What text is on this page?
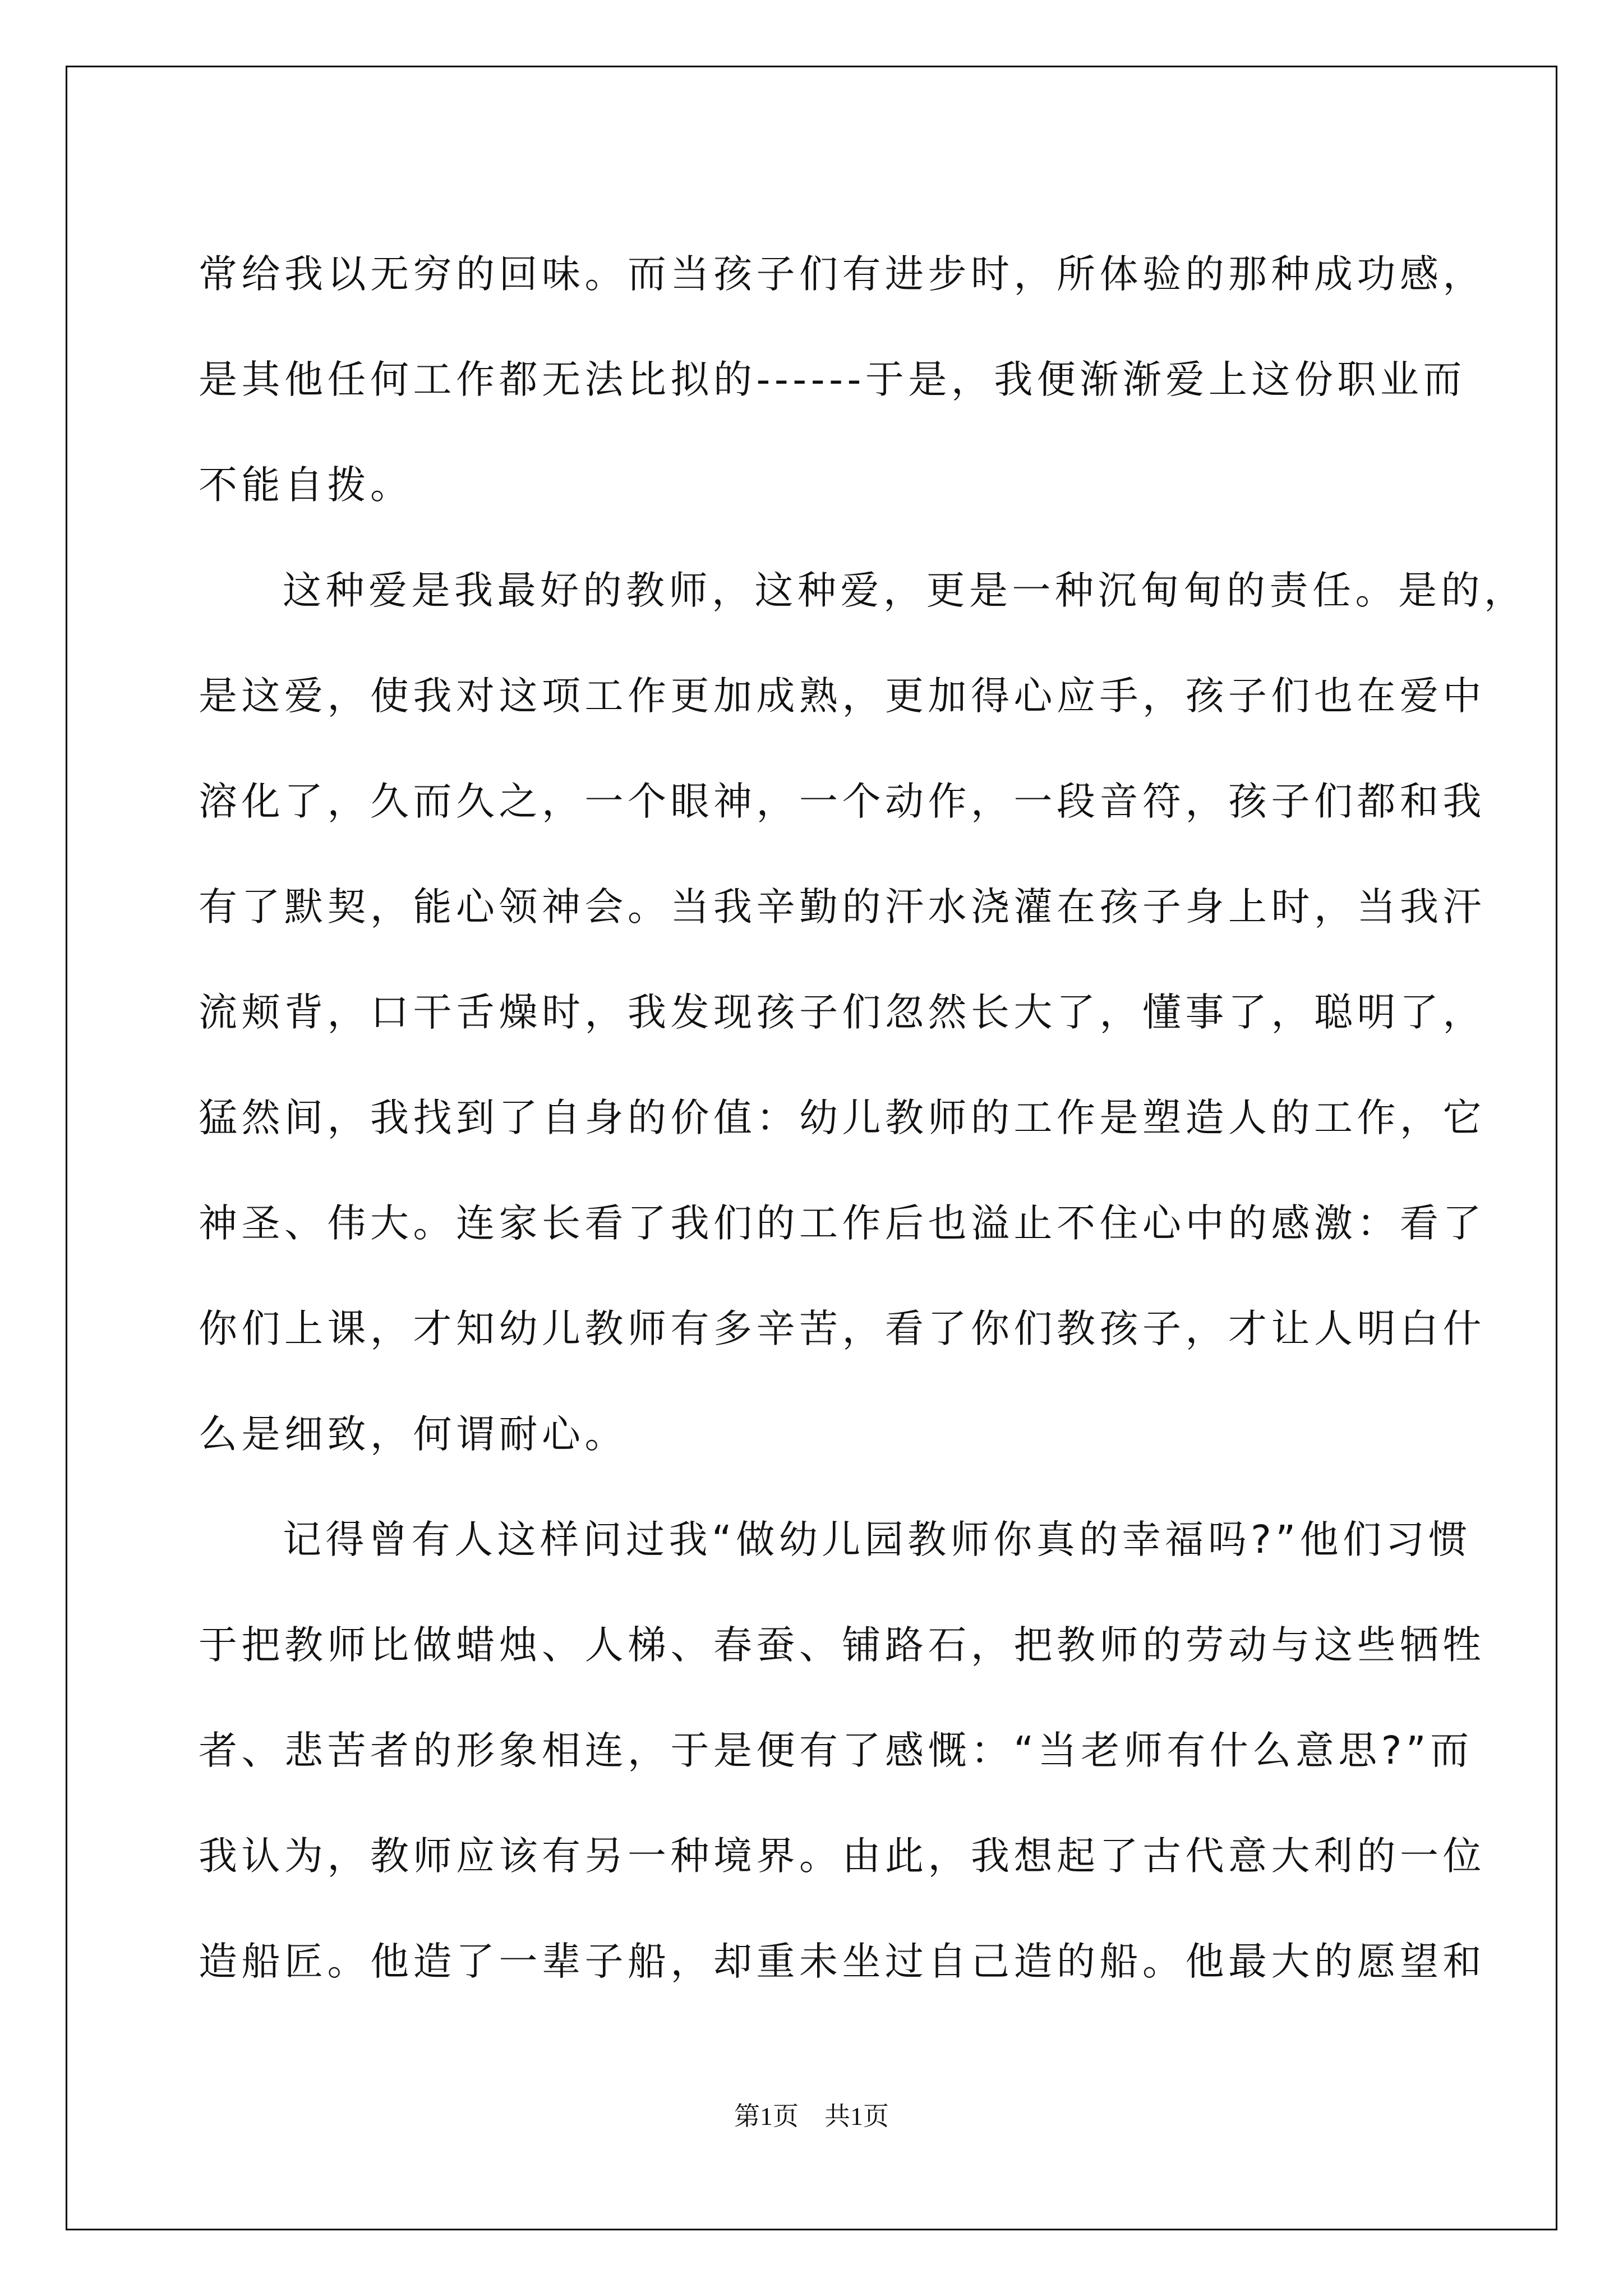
常给我以无穷的回味。而当孩子们有进步时，所体验的那种成功感，
是其他任何工作都无法比拟的------于是，我便渐渐爱上这份职业而
不能自拨。

这种爱是我最好的教师，这种爱，更是一种沉甸甸的责任。是的，
是这爱，使我对这项工作更加成熟，更加得心应手，孩子们也在爱中
溶化了，久而久之，一个眼神，一个动作，一段音符，孩子们都和我
有了默契，能心领神会。当我辛勤的汗水浇灌在孩子身上时，当我汗
流颊背，口干舌燥时，我发现孩子们忽然长大了，懂事了，聪明了，
猛然间，我找到了自身的价值：幼儿教师的工作是塑造人的工作，它
神圣、伟大。连家长看了我们的工作后也溢止不住心中的感激：看了
你们上课，才知幼儿教师有多辛苦，看了你们教孩子，才让人明白什
么是细致，何谓耐心。

记得曾有人这样问过我“做幼儿园教师你真的幸福吗?”他们习惯
于把教师比做蜡烛、人梯、春蚕、铺路石，把教师的劳动与这些牺牲
者、悲苦者的形象相连，于是便有了感慨：“当老师有什么意思?”而
我认为，教师应该有另一种境界。由此，我想起了古代意大利的一位
造船匠。他造了一辈子船，却重未坐过自己造的船。他最大的愿望和

第1页　共1页
